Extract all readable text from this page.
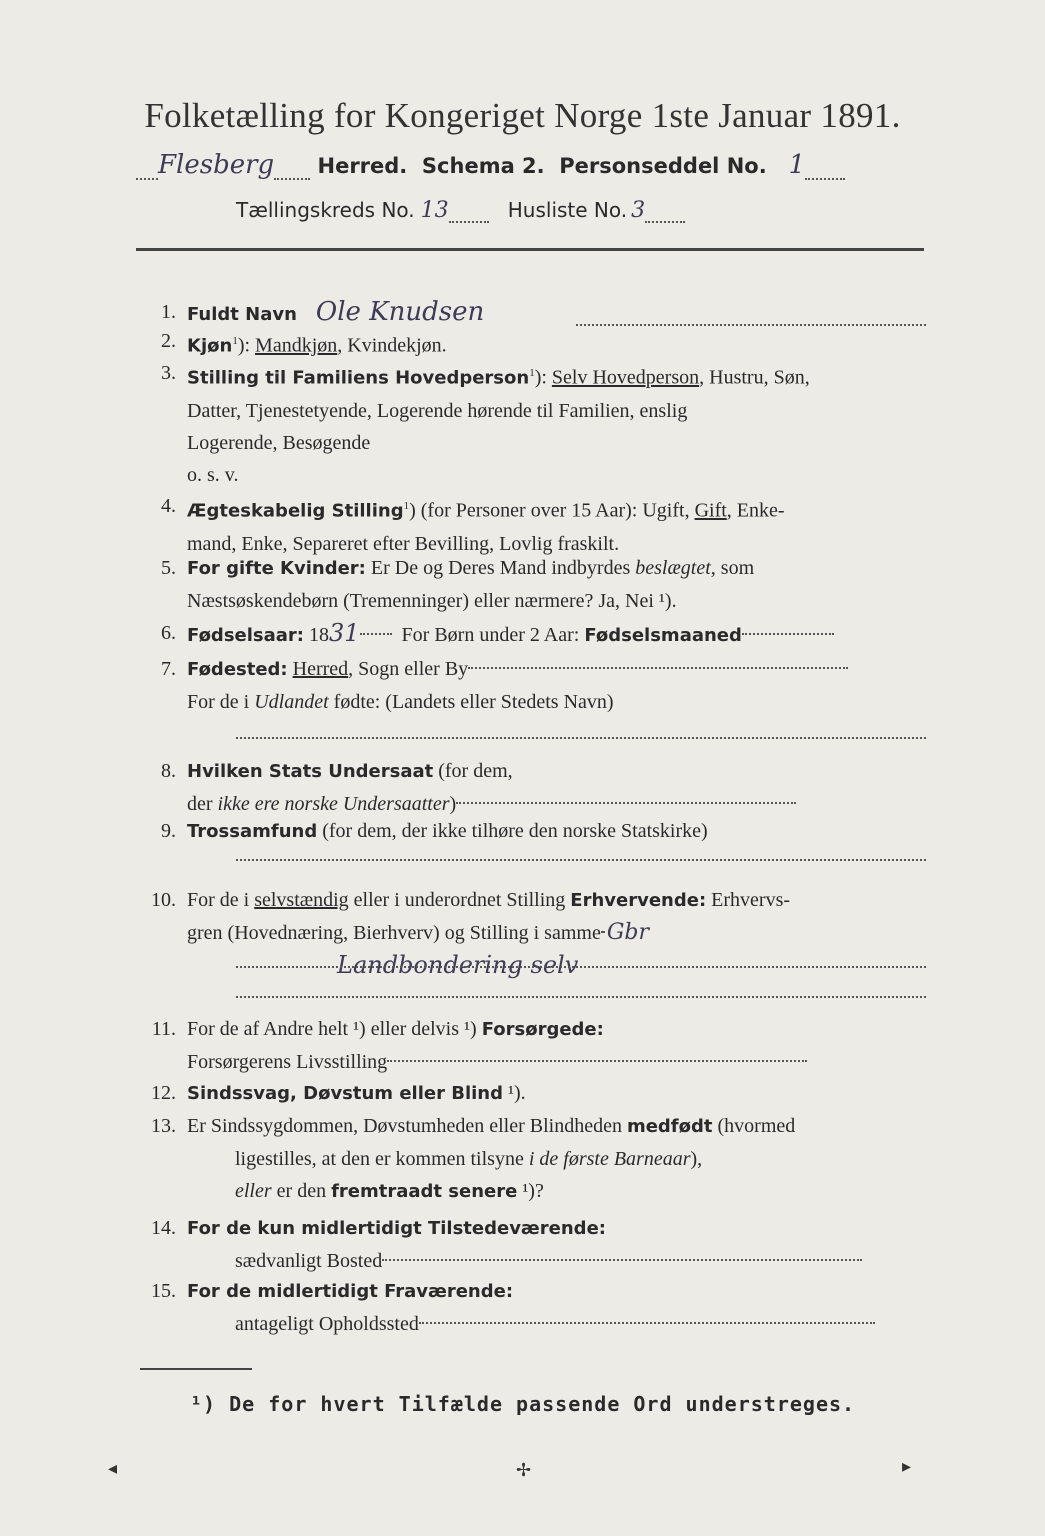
Folketælling for Kongeriget Norge 1ste Januar 1891.
Flesberg Herred. Schema 2. Personseddel No. 1
Tællingskreds No. 13	Husliste No. 3
1. Fuldt Navn Ole Knudsen
2. Kjøn$^1$): Mandkjøn, Kvindekjøn.
3. Stilling til Familiens Hovedperson$^1$): Selv Hovedperson, Hustru, Søn,
Datter, Tjenestetyende, Logerende hørende til Familien, enslig
Logerende, Besøgende
o. s. v.
4. Ægteskabelig Stilling$^1$) (for Personer over 15 Aar): Ugift, Gift, Enke-
mand, Enke, Separeret efter Bevilling, Lovlig fraskilt.
5. For gifte Kvinder: Er De og Deres Mand indbyrdes beslægtet, som
Næstsøskendebørn (Tremenninger) eller nærmere? Ja, Nei ¹).
6. Fødselsaar: 1831 For Børn under 2 Aar: Fødselsmaaned
7. Fødested: Herred, Sogn eller By
For de i Udlandet fødte: (Landets eller Stedets Navn)
8. Hvilken Stats Undersaat (for dem,
der ikke ere norske Undersaatter)
9. Trossamfund (for dem, der ikke tilhøre den norske Statskirke)
10. For de i selvstændig eller i underordnet Stilling Erhvervende: Erhvervs-
gren (Hovednæring, Bierhverv) og Stilling i samme Gbr
Landbondering selv
11. For de af Andre helt ¹) eller delvis ¹) Forsørgede:
Forsørgerens Livsstilling
12. Sindssvag, Døvstum eller Blind ¹).
13. Er Sindssygdommen, Døvstumheden eller Blindheden medfødt (hvormed
ligestilles, at den er kommen tilsyne i de første Barneaar),
eller er den fremtraadt senere ¹)?
14. For de kun midlertidigt Tilstedeværende:
sædvanligt Bosted
15. For de midlertidigt Fraværende:
antageligt Opholdssted
¹) De for hvert Tilfælde passende Ord understreges.
◂	✢	▸
